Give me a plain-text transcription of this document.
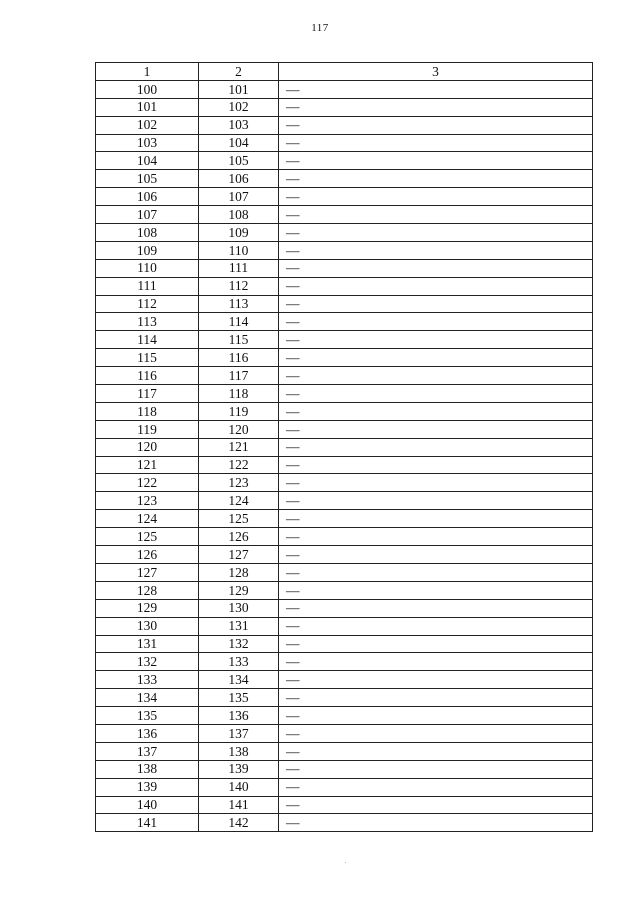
117
1	2	3
100	101	—
101	102	—
102	103	—
103	104	—
104	105	—
105	106	—
106	107	—
107	108	—
108	109	—
109	110	—
110	111	—
111	112	—
112	113	—
113	114	—
114	115	—
115	116	—
116	117	—
117	118	—
118	119	—
119	120	—
120	121	—
121	122	—
122	123	—
123	124	—
124	125	—
125	126	—
126	127	—
127	128	—
128	129	—
129	130	—
130	131	—
131	132	—
132	133	—
133	134	—
134	135	—
135	136	—
136	137	—
137	138	—
138	139	—
139	140	—
140	141	—
141	142	—
